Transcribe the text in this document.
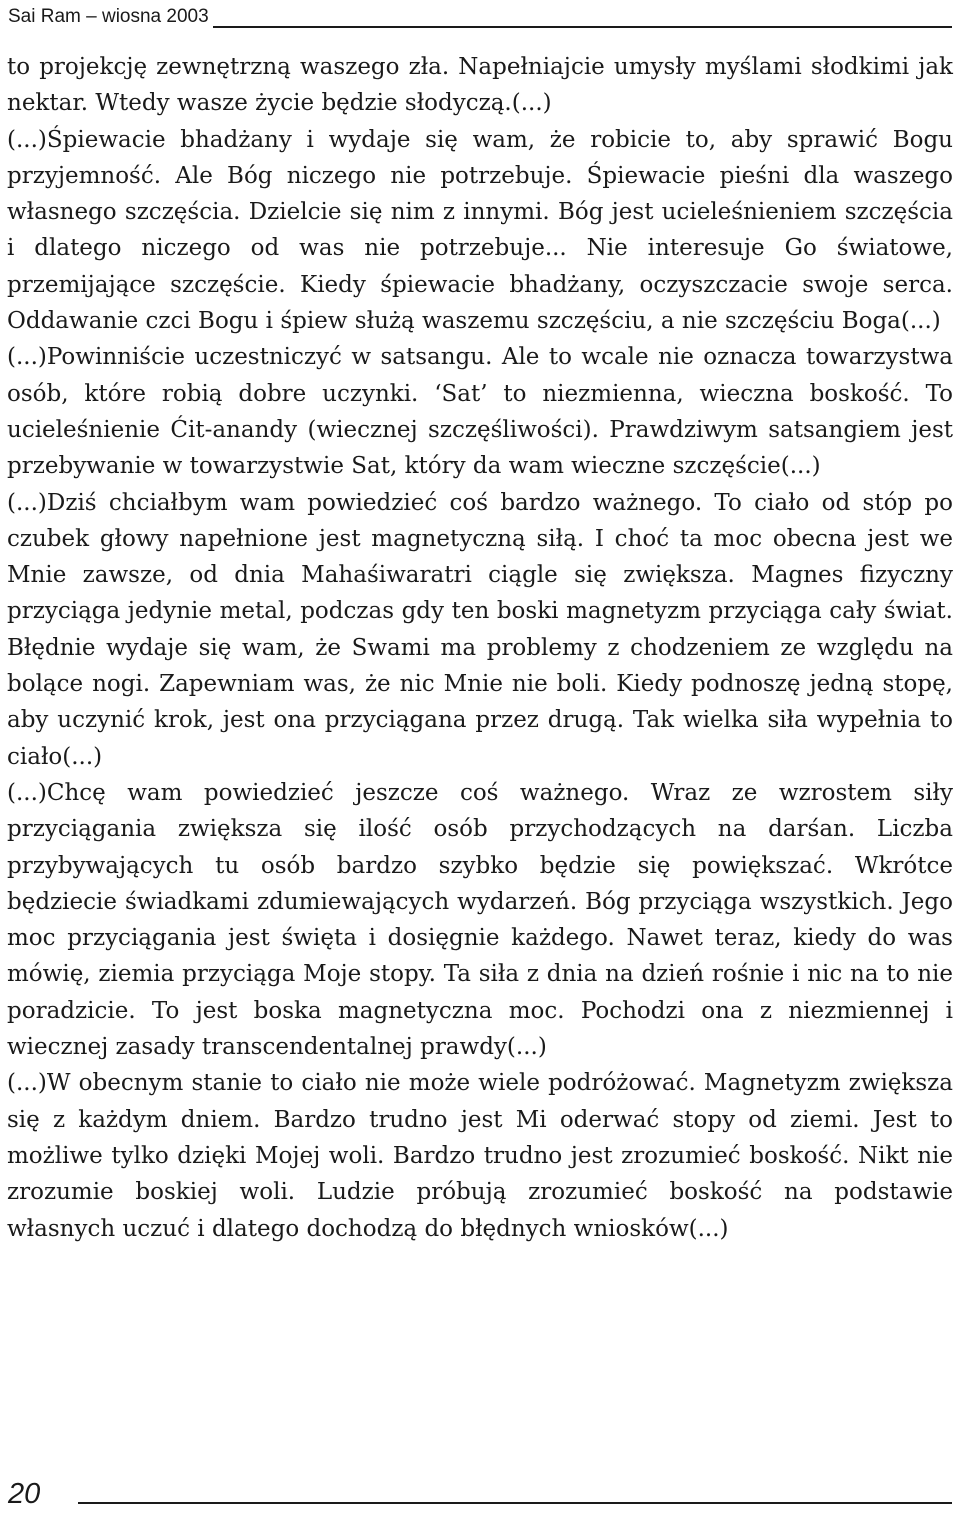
Sai Ram – wiosna 2003

to projekcję zewnętrzną waszego zła. Napełniajcie umysły myślami słodkimi jak nektar. Wtedy wasze życie będzie słodyczą.(...)

(...)Śpiewacie bhadżany i wydaje się wam, że robicie to, aby sprawić Bogu przyjemność. Ale Bóg niczego nie potrzebuje. Śpiewacie pieśni dla waszego własnego szczęścia. Dzielcie się nim z innymi. Bóg jest ucieleśnieniem szczęścia i dlatego niczego od was nie potrzebuje... Nie interesuje Go światowe, przemijające szczęście. Kiedy śpiewacie bhadżany, oczyszczacie swoje serca. Oddawanie czci Bogu i śpiew służą waszemu szczęściu, a nie szczęściu Boga(...)

(...)Powinniście uczestniczyć w satsangu. Ale to wcale nie oznacza towarzystwa osób, które robią dobre uczynki. ‘Sat’ to niezmienna, wieczna boskość. To ucieleśnienie Ćit-anandy (wiecznej szczęśliwości). Prawdziwym satsangiem jest przebywanie w towarzystwie Sat, który da wam wieczne szczęście(...)

(...)Dziś chciałbym wam powiedzieć coś bardzo ważnego. To ciało od stóp po czubek głowy napełnione jest magnetyczną siłą. I choć ta moc obecna jest we Mnie zawsze, od dnia Mahaśiwaratri ciągle się zwiększa. Magnes fizyczny przyciąga jedynie metal, podczas gdy ten boski magnetyzm przyciąga cały świat. Błędnie wydaje się wam, że Swami ma problemy z chodzeniem ze względu na bolące nogi. Zapewniam was, że nic Mnie nie boli. Kiedy podnoszę jedną stopę, aby uczynić krok, jest ona przyciągana przez drugą. Tak wielka siła wypełnia to ciało(...)

(...)Chcę wam powiedzieć jeszcze coś ważnego. Wraz ze wzrostem siły przyciągania zwiększa się ilość osób przychodzących na darśan. Liczba przybywających tu osób bardzo szybko będzie się powiększać. Wkrótce będziecie świadkami zdumiewających wydarzeń. Bóg przyciąga wszystkich. Jego moc przyciągania jest święta i dosięgnie każdego. Nawet teraz, kiedy do was mówię, ziemia przyciąga Moje stopy. Ta siła z dnia na dzień rośnie i nic na to nie poradzicie. To jest boska magnetyczna moc. Pochodzi ona z niezmiennej i wiecznej zasady transcendentalnej prawdy(...)

(...)W obecnym stanie to ciało nie może wiele podróżować. Magnetyzm zwiększa się z każdym dniem. Bardzo trudno jest Mi oderwać stopy od ziemi. Jest to możliwe tylko dzięki Mojej woli. Bardzo trudno jest zrozumieć boskość. Nikt nie zrozumie boskiej woli. Ludzie próbują zrozumieć boskość na podstawie własnych uczuć i dlatego dochodzą do błędnych wniosków(...)

20
